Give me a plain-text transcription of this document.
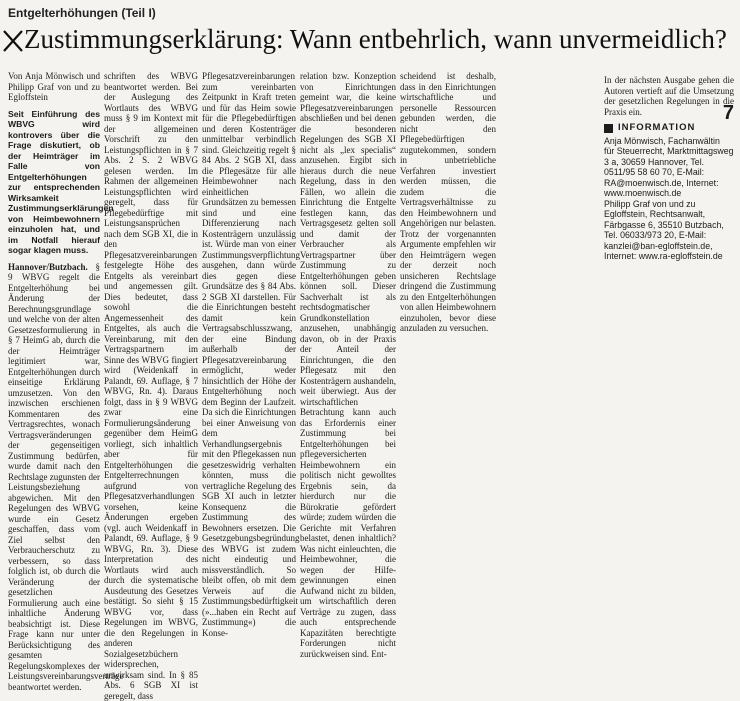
Entgelterhöhungen (Teil I)
Zustimmungserklärung: Wann entbehrlich, wann unvermeidlich?

Von Anja Mönwisch und Philipp Graf von und zu Egloffstein

Seit Einführung des WBVG wird kontrovers über die Frage diskutiert, ob der Heimträger im Falle von Entgelterhöhungen zur entsprechenden Wirksamkeit Zustimmungserklärungen von Heimbewohnern einzuholen hat, und im Notfall hierauf sogar klagen muss.

Hannover/Butzbach. § 9 WBVG regelt die Entgelterhöhung bei Änderung der Berechnungsgrundlage und welche von der alten Gesetzesformulierung in § 7 HeimG ab, durch die der Heimträger legitimiert war, Entgelterhöhungen durch einseitige Erklärung umzusetzen. Von den inzwischen erschienen Kommentaren des Vertragsrechtes, wonach Vertragsveränderungen der gegenseitigen Zustimmung bedürfen, wurde damit nach den Rechtslage zugunsten der Leistungsbeziehung abgewichen. Mit den Regelungen des WBVG wurde ein Gesetz geschaffen, dass vom Ziel selbst den Verbraucherschutz zu verbessern, so dass folglich ist, ob durch die Veränderung der gesetzlichen Formulierung auch eine inhaltliche Änderung beabsichtigt ist. Diese Frage kann nur unter Berücksichtigung des gesamten Regelungskomplexes der Leistungsvereinbarungsverträge beantwortet werden.

schriften des WBVG beantwortet werden. Bei der Auslegung des Wortlauts des WBVG muss § 9 im Kontext mit der allgemeinen Vorschrift zu den Leistungspflichten in § 7 Abs. 2 S. 2 WBVG gelesen werden. Im Rahmen der allgemeinen Leistungspflichten wird geregelt, dass für Pflegebedürftige mit Leistungsansprüchen nach dem SGB XI, die in den Pflegesatzvereinbarungen festgelegte Höhe des Entgelts als vereinbart und angemessen gilt. Dies bedeutet, dass sowohl die Angemessenheit des Entgeltes, als auch die Vereinbarung, mit den Vertragspartnern im Sinne des WBVG fingiert wird (Weidenkaff in Palandt, 69. Auflage, § 7 WBVG, Rn. 4). Daraus folgt, dass in § 9 WBVG zwar eine Formulierungsänderung gegenüber dem HeimG vorliegt, sich inhaltlich aber für Entgelterhöhungen die Entgelterrechnungen aufgrund von Pflegesatzverhandlungen vorsehen, keine Änderungen ergeben (vgl. auch Weidenkaff in Palandt, 69. Auflage, § 9 WBVG, Rn. 3). Diese Interpretation des Wortlauts wird auch durch die systematische Ausdeutung des Gesetzes bestätigt. So sieht § 15 WBVG vor, dass Regelungen im WBVG, die den Regelungen in anderen Sozialgesetzbüchern widersprechen, unwirksam sind. In § 85 Abs. 6 SGB XI ist geregelt, dass

Pflegesatzvereinbarungen zum vereinbarten Zeitpunkt in Kraft treten und für das Heim sowie für die Pflegebedürftigen und deren Kostenträger unmittelbar verbindlich sind. Gleichzeitig regelt § 84 Abs. 2 SGB XI, dass die Pflegesätze für alle Heimbewohner nach einheitlichen Grundsätzen zu bemessen sind und eine Differenzierung nach Kostenträgern unzulässig ist. Würde man von einer Zustimmungsverpflichtung ausgehen, dann würde dies gegen diese Grundsätze des § 84 Abs. 2 SGB XI darstellen. Für die Einrichtungen besteht damit kein Vertragsabschlusszwang, der eine Bindung außerhalb der Pflegesatzvereinbarung ermöglicht, weder hinsichtlich der Höhe der Entgelterhöhung noch dem Beginn der Laufzeit. Da sich die Einrichtungen bei einer Anweisung von dem Verhandlungsergebnis mit den Pflegekassen nun gesetzeswidrig verhalten könnten, muss die vertragliche Regelung des SGB XI auch in letzter Konsequenz die Zustimmung des Bewohners ersetzen. Die Gesetzgebungsbegründung des WBVG ist zudem nicht eindeutig und missverständlich. So bleibt offen, ob mit dem Verweis auf die Zustimmungsbedürftigkeit (»...haben ein Recht auf Zustimmung«) die Konse-

relation bzw. Konzeption von Einrichtungen gemeint war, die keine Pflegesatzvereinbarungen abschließen und bei denen die besonderen Regelungen des SGB XI nicht als „lex specialis“ anzusehen. Ergibt sich hieraus durch die neue Regelung, dass in den Fällen, wo allein die Einrichtung die Entgelte festlegen kann, das Vertragsgesetz gelten soll und damit der Verbraucher als Vertragspartner über Zustimmung zu Entgelterhöhungen geben können soll. Dieser Sachverhalt ist als rechtsdogmatischer Grundkonstellation anzusehen, unabhängig davon, ob in der Praxis der Anteil der Einrichtungen, die den Pflegesatz mit den Kostenträgern aushandeln, weit überwiegt. Aus der wirtschaftlichen Betrachtung kann auch das Erfordernis einer Zustimmung bei Entgelterhöhungen bei pflegeversicherten Heimbewohnern ein politisch nicht gewolltes Ergebnis sein, da hierdurch nur die Bürokratie gefördert würde; zudem würden die Gerichte mit Verfahren belastet, denen inhaltlich? Was nicht einleuchten, die Heimbewohner, die wegen der Hilfe-gewinnungen einen Aufwand nicht zu bilden, um wirtschaftlich deren Verträge zu zugen, dass auch entsprechende Kapazitäten berechtigte Forderungen nicht zurückweisen sind. Ent-

scheidend ist deshalb, dass in den Einrichtungen wirtschaftliche und personelle Ressourcen gebunden werden, die nicht den Pflegebedürftigen zugutekommen, sondern in unbetriebliche Verfahren investiert werden müssen, die zudem die Vertragsverhältnisse zu den Heimbewohnern und Angehörigen nur belasten. Trotz der vorgenannten Argumente empfehlen wir den Heimträgern wegen der derzeit noch unsicheren Rechtslage dringend die Zustimmung zu den Entgelterhöhungen von allen Heimbewohnern einzuholen, bevor diese anzuladen zu versuchen.

In der nächsten Ausgabe gehen die Autoren vertieft auf die Umsetzung der gesetzlichen Regelungen in die Praxis ein.	7

INFORMATION

Anja Mönwisch, Fachanwältin

für Steuerrecht, Marktmittagsweg 3 a, 30659 Hannover, Tel.

0511/95 58 60 70, E-Mail:

RA@moenwisch.de, Internet:

www.moenwisch.de

Philipp Graf von und zu

Egloffstein, Rechtsanwalt,

Färbgasse 6, 35510 Butzbach,

Tel. 06033/973 20, E-Mail:

kanzlei@ban-egloffstein.de,

Internet: www.ra-egloffstein.de
